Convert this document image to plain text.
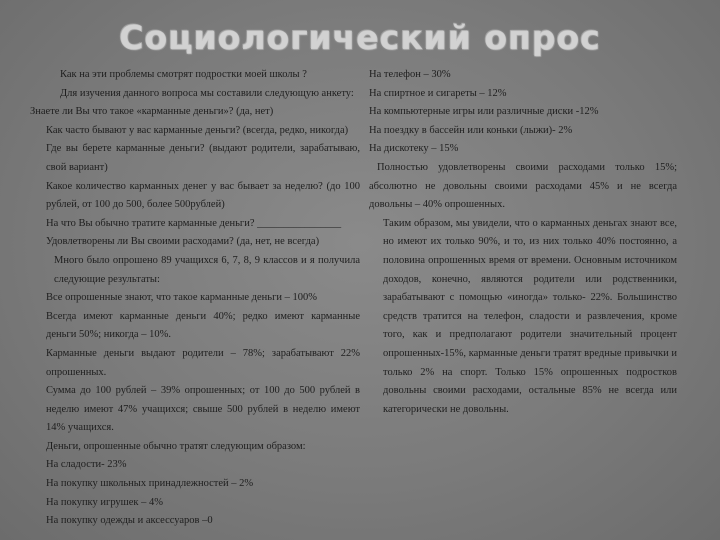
Социологический опрос

Как на эти проблемы смотрят подростки моей школы ?

Для изучения данного вопроса мы составили следующую анкету:

Знаете ли Вы что такое «карманные деньги»? (да, нет)

Как часто бывают у вас карманные деньги? (всегда, редко, никогда)

Где вы берете карманные деньги? (выдают родители, зарабатываю, свой вариант)

Какое количество карманных денег у вас бывает за неделю? (до 100 рублей, от 100 до 500, более 500рублей)

На что Вы обычно тратите карманные деньги? ________________

Удовлетворены ли Вы своими расходами? (да, нет, не всегда)

Много было опрошено 89 учащихся 6, 7, 8, 9 классов и я получила следующие результаты:

Все опрошенные знают, что такое карманные деньги – 100%

Всегда имеют карманные деньги 40%; редко имеют карманные деньги 50%; никогда – 10%.

Карманные деньги выдают родители – 78%; зарабатывают 22% опрошенных.

Сумма до 100 рублей – 39% опрошенных; от 100 до 500 рублей в неделю имеют 47% учащихся; свыше 500 рублей в неделю имеют 14% учащихся.

Деньги, опрошенные обычно тратят следующим образом:

На сладости- 23%

На покупку школьных принадлежностей – 2%

На покупку игрушек – 4%

На покупку одежды и аксессуаров –0

На телефон – 30%

На спиртное и сигареты – 12%

На компьютерные игры или различные диски -12%

На поездку в бассейн или коньки (лыжи)- 2%

На дискотеку – 15%

Полностью удовлетворены своими расходами только 15%; абсолютно не довольны своими расходами 45% и не всегда довольны – 40% опрошенных.

Таким образом, мы увидели, что о карманных деньгах знают все, но имеют их только 90%, и то, из них только 40% постоянно, а половина опрошенных время от времени. Основным источником доходов, конечно, являются родители или родственники, зарабатывают с помощью «иногда» только- 22%. Большинство средств тратится на телефон, сладости и развлечения, кроме того, как и предполагают родители значительный процент опрошенных-15%, карманные деньги тратят вредные привычки и только 2% на спорт. Только 15% опрошенных подростков довольны своими расходами, остальные 85% не всегда или категорически не довольны.
